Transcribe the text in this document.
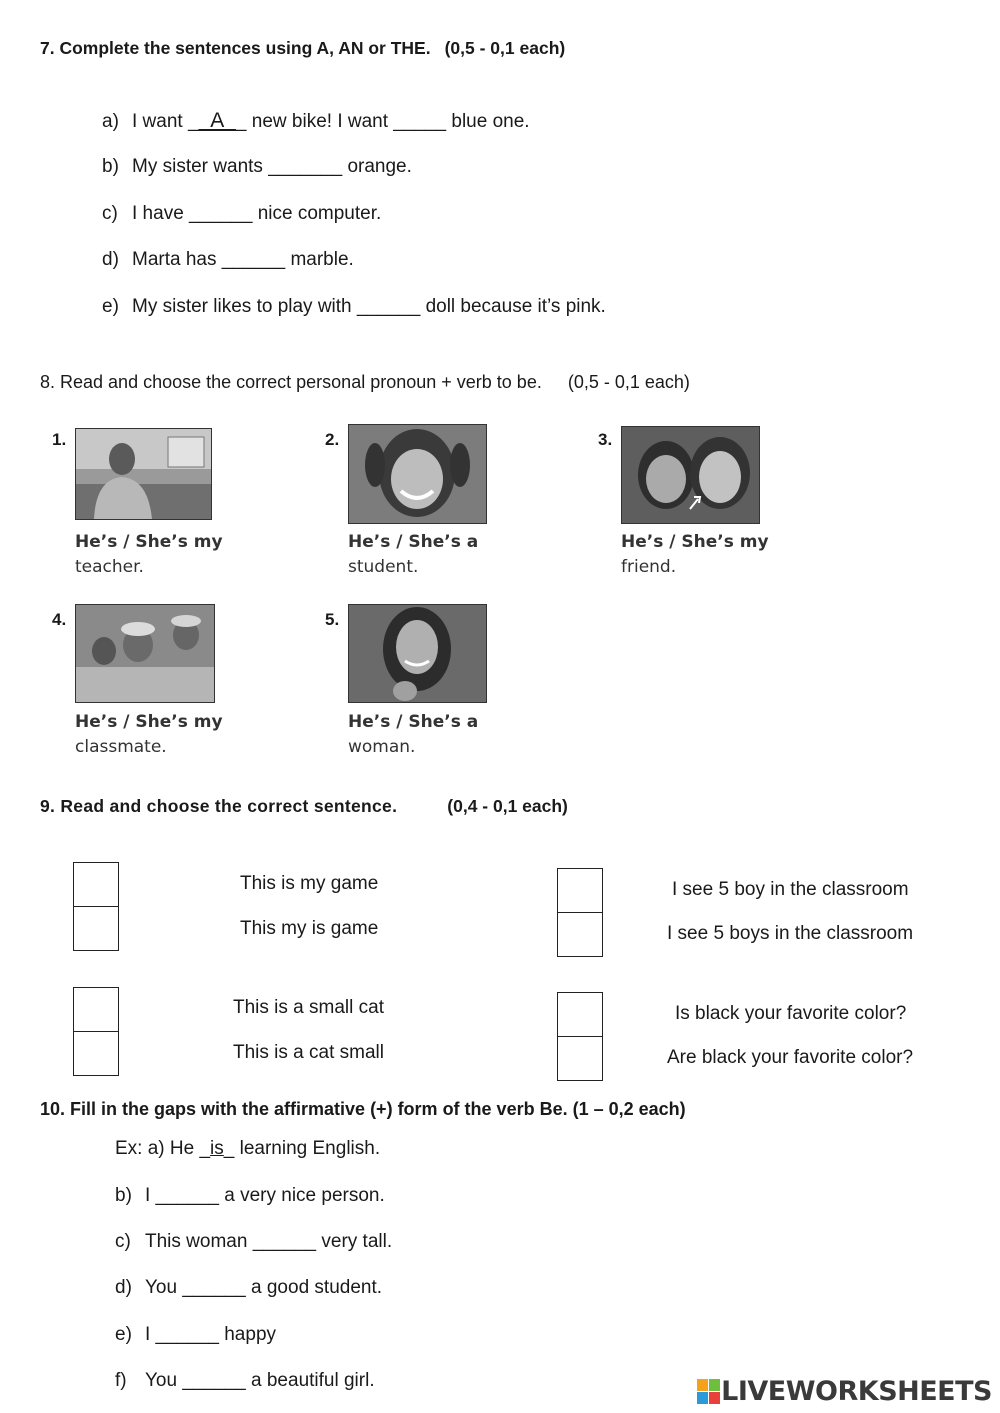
7. Complete the sentences using A, AN or THE. (0,5 - 0,1 each)
a) I want __A__ new bike! I want _____ blue one.
b) My sister wants _______ orange.
c) I have ______ nice computer.
d) Marta has ______ marble.
e) My sister likes to play with ______ doll because it’s pink.
8. Read and choose the correct personal pronoun + verb to be. (0,5 - 0,1 each)
1.
He’s / She’s my
teacher.
2.
He’s / She’s a
student.
3.
He’s / She’s my
friend.
4.
He’s / She’s my
classmate.
5.
He’s / She’s a
woman.
9. Read and choose the correct sentence.	(0,4 - 0,1 each)
This is my game
This my is game
I see 5 boy in the classroom
I see 5 boys in the classroom
This is a small cat
This is a cat small
Is black your favorite color?
Are black your favorite color?
10. Fill in the gaps with the affirmative (+) form of the verb Be. (1 – 0,2 each)
Ex: a) He _is_ learning English.
b) I ______ a very nice person.
c) This woman ______ very tall.
d) You ______ a good student.
e) I ______ happy
f) You ______ a beautiful girl.	LIVEWORKSHEETS
